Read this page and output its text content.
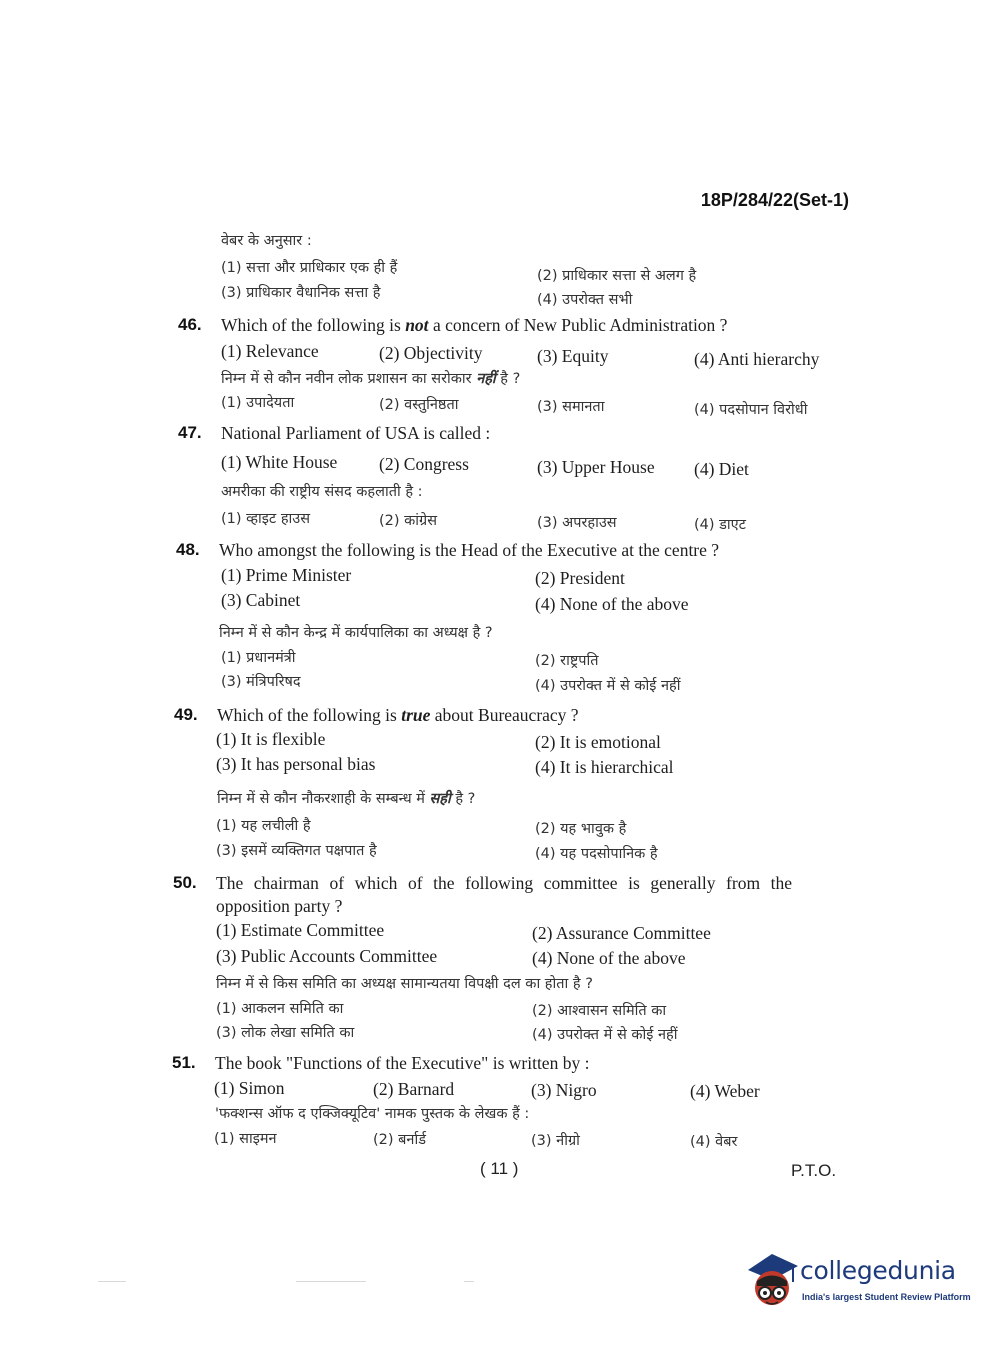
18P/284/22(Set-1)
वेबर के अनुसार :
(1) सत्ता और प्राधिकार एक ही हैं	(2) प्राधिकार सत्ता से अलग है
(3) प्राधिकार वैधानिक सत्ता है	(4) उपरोक्त सभी
46. Which of the following is not a concern of New Public Administration ?
(1) Relevance	(2) Objectivity	(3) Equity	(4) Anti hierarchy
निम्न में से कौन नवीन लोक प्रशासन का सरोकार नहीं है ?
(1) उपादेयता	(2) वस्तुनिष्ठता	(3) समानता	(4) पदसोपान विरोधी
47. National Parliament of USA is called :
(1) White House (2) Congress	(3) Upper House (4) Diet
अमरीका की राष्ट्रीय संसद कहलाती है :
(1) व्हाइट हाउस	(2) कांग्रेस	(3) अपरहाउस	(4) डाएट
48. Who amongst the following is the Head of the Executive at the centre ?
(1) Prime Minister	(2) President
(3) Cabinet	(4) None of the above
निम्न में से कौन केन्द्र में कार्यपालिका का अध्यक्ष है ?
(1) प्रधानमंत्री	(2) राष्ट्रपति
(3) मंत्रिपरिषद	(4) उपरोक्त में से कोई नहीं
49. Which of the following is true about Bureaucracy ?
(1) It is flexible	(2) It is emotional
(3) It has personal bias	(4) It is hierarchical
निम्न में से कौन नौकरशाही के सम्बन्ध में सही है ?
(1) यह लचीली है	(2) यह भावुक है
(3) इसमें व्यक्तिगत पक्षपात है	(4) यह पदसोपानिक है
50. The chairman of which of the following committee is generally from the
opposition party ?
(1) Estimate Committee	(2) Assurance Committee
(3) Public Accounts Committee	(4) None of the above
निम्न में से किस समिति का अध्यक्ष सामान्यतया विपक्षी दल का होता है ?
(1) आकलन समिति का	(2) आश्वासन समिति का
(3) लोक लेखा समिति का	(4) उपरोक्त में से कोई नहीं
51. The book "Functions of the Executive" is written by :
(1) Simon	(2) Barnard	(3) Nigro	(4) Weber
'फक्शन्स ऑफ द एक्जिक्यूटिव' नामक पुस्तक के लेखक हैं :
(1) साइमन	(2) बर्नार्ड	(3) नीग्रो	(4) वेबर
( 11 )	P.T.O.
collegedunia
India's largest Student Review Platform
